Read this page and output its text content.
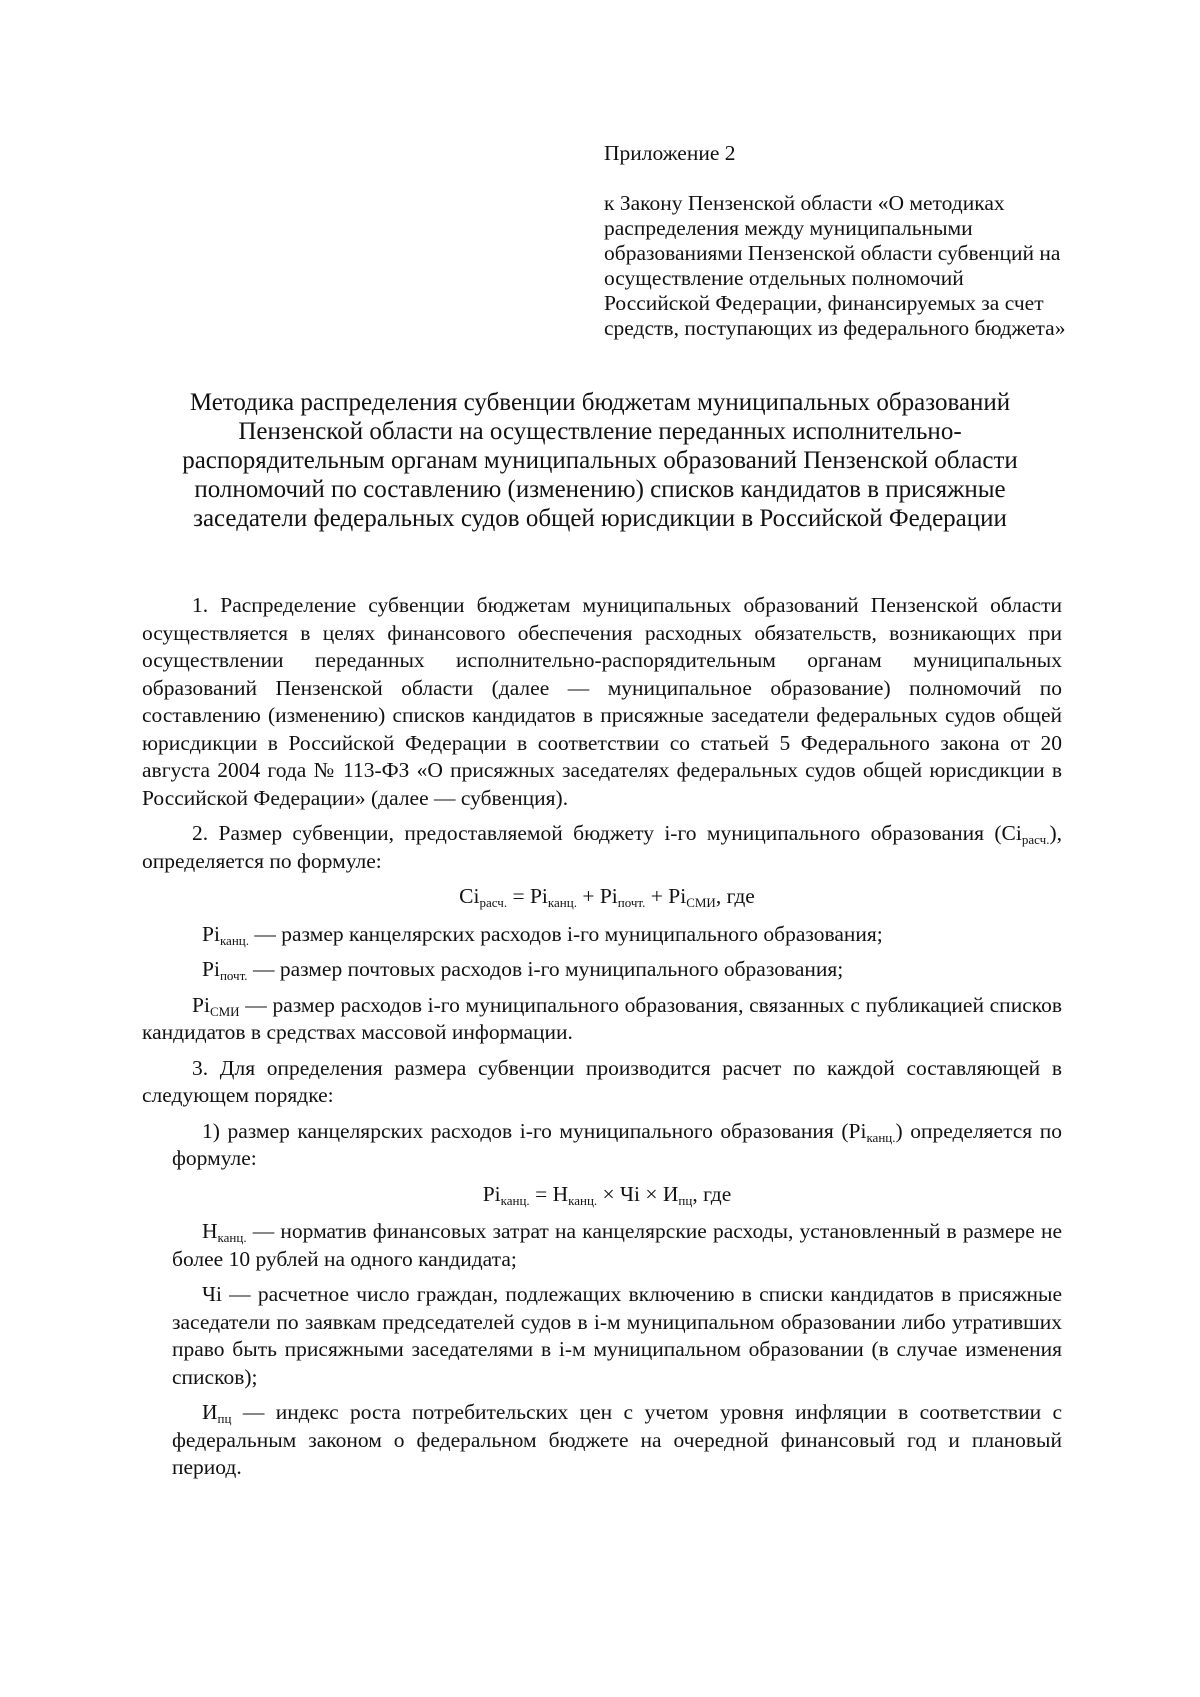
Приложение 2
к Закону Пензенской области «О методиках распределения между муниципальными образованиями Пензенской области субвенций на осуществление отдельных полномочий Российской Федерации, финансируемых за счет средств, поступающих из федерального бюджета»
Методика распределения субвенции бюджетам муниципальных образований Пензенской области на осуществление переданных исполнительно-распорядительным органам муниципальных образований Пензенской области полномочий по составлению (изменению) списков кандидатов в присяжные заседатели федеральных судов общей юрисдикции в Российской Федерации

1. Распределение субвенции бюджетам муниципальных образований Пензенской области осуществляется в целях финансового обеспечения расходных обязательств, возникающих при осуществлении переданных исполнительно-распорядительным органам муниципальных образований Пензенской области (далее — муниципальное образование) полномочий по составлению (изменению) списков кандидатов в присяжные заседатели федеральных судов общей юрисдикции в Российской Федерации в соответствии со статьей 5 Федерального закона от 20 августа 2004 года № 113-ФЗ «О присяжных заседателях федеральных судов общей юрисдикции в Российской Федерации» (далее — субвенция).

2. Размер субвенции, предоставляемой бюджету i-го муниципального образования $(Ci_{расч.})$, определяется по формуле:

$Ci_{расч.} = Pi_{канц.} + Pi_{почт.} + Pi_{СМИ}$, где

$Pi_{канц.}$ — размер канцелярских расходов i-го муниципального образования;

$Pi_{почт.}$ — размер почтовых расходов i-го муниципального образования;

$Pi_{СМИ}$ — размер расходов i-го муниципального образования, связанных с публикацией списков кандидатов в средствах массовой информации.

3. Для определения размера субвенции производится расчет по каждой составляющей в следующем порядке:

1) размер канцелярских расходов i-го муниципального образования $(Pi_{канц.})$ определяется по формуле:

$Pi_{канц.} = Н_{канц.}$ × Чi × $И_{пц}$, где

$Н_{канц.}$ — норматив финансовых затрат на канцелярские расходы, установленный в размере не более 10 рублей на одного кандидата;

Чi — расчетное число граждан, подлежащих включению в списки кандидатов в присяжные заседатели по заявкам председателей судов в i-м муниципальном образовании либо утративших право быть присяжными заседателями в i-м муниципальном образовании (в случае изменения списков);

$И_{пц}$ — индекс роста потребительских цен с учетом уровня инфляции в соответствии с федеральным законом о федеральном бюджете на очередной финансовый год и плановый период.
